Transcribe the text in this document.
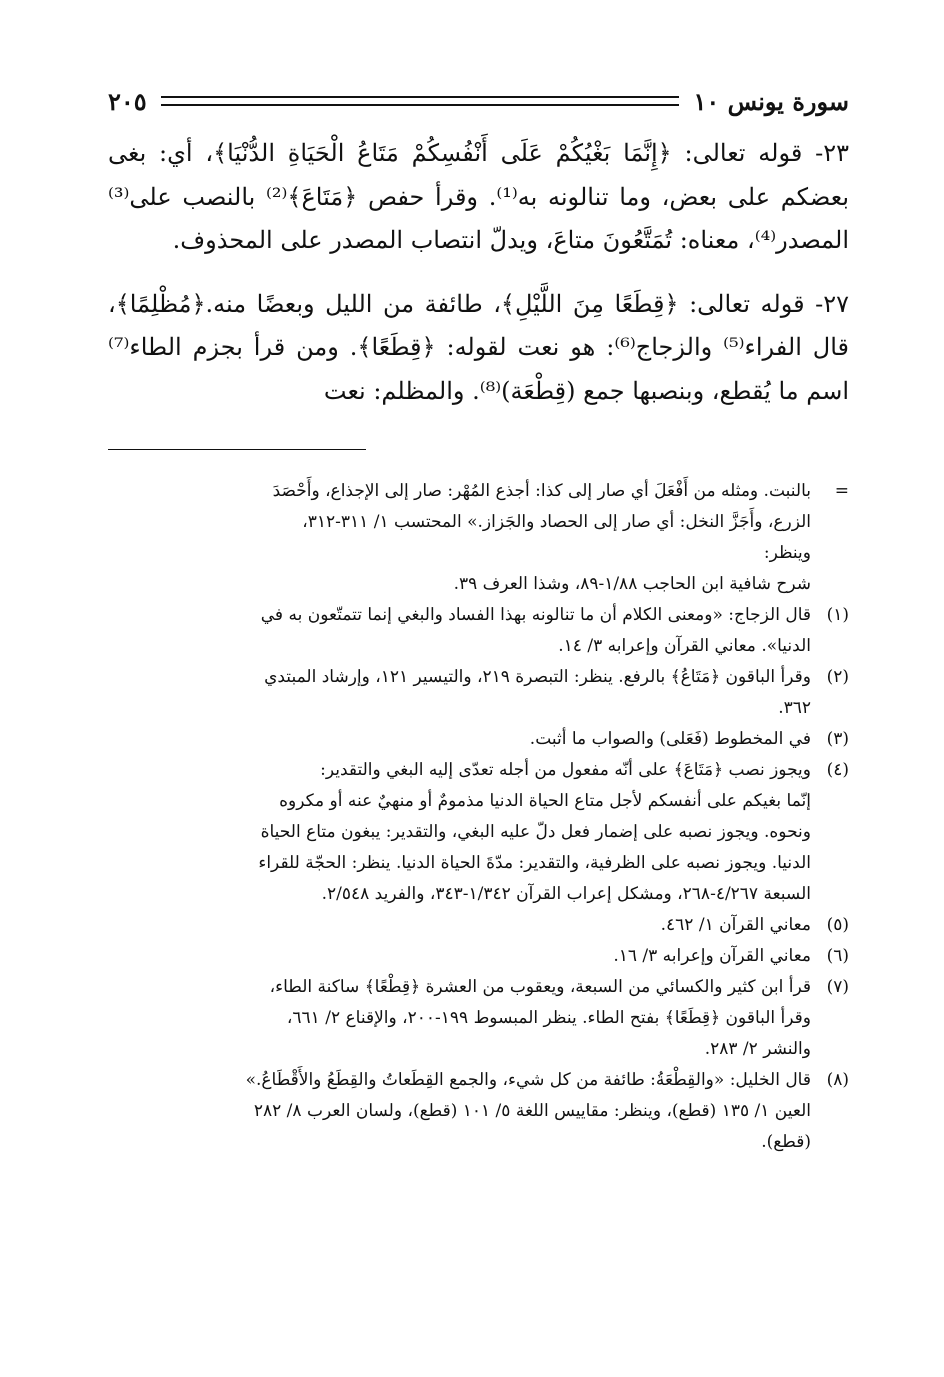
سورة يونس ١٠
٢٠٥

٢٣- قوله تعالى: ﴿إِنَّمَا بَغْيُكُمْ عَلَى أَنْفُسِكُمْ مَتَاعُ الْحَيَاةِ الدُّنْيَا﴾، أي: بغى بعضكم على بعض، وما تنالونه به⁽¹⁾. وقرأ حفص ﴿مَتَاعَ﴾⁽²⁾ بالنصب على⁽³⁾ المصدر⁽⁴⁾، معناه: تُمَتَّعُونَ متاعَ، ويدلّ انتصاب المصدر على المحذوف.

٢٧- قوله تعالى: ﴿قِطَعًا مِنَ اللَّيْلِ﴾، طائفة من الليل وبعضًا منه.﴿مُظْلِمًا﴾، قال الفراء⁽⁵⁾ والزجاج⁽⁶⁾: هو نعت لقوله: ﴿قِطَعًا﴾. ومن قرأ بجزم الطاء⁽⁷⁾ اسم ما يُقطع، وبنصبها جمع (قِطْعَة)⁽⁸⁾. والمظلم: نعت

=
بالنبت. ومثله من أَفْعَلَ أي صار إلى كذا: أجذع المُهْر: صار إلى الإجذاع، وأَحْصَدَ
الزرع، وأَجَزَّ النخل: أي صار إلى الحصاد والجَزاز.» المحتسب ١/ ٣١١-٣١٢،
وينظر:
شرح شافية ابن الحاجب ١/٨٨-٨٩، وشذا العرف ٣٩.
(١)
قال الزجاج: «ومعنى الكلام أن ما تنالونه بهذا الفساد والبغي إنما تتمتّعون به في
الدنيا». معاني القرآن وإعرابه ٣/ ١٤.
(٢)
وقرأ الباقون ﴿مَتَاعُ﴾ بالرفع. ينظر: التبصرة ٢١٩، والتيسير ١٢١، وإرشاد المبتدي
٣٦٢.
(٣)
في المخطوط (فَعَلى) والصواب ما أثبت.
(٤)
ويجوز نصب ﴿مَتَاعَ﴾ على أنّه مفعول من أجله تعدّى إليه البغي والتقدير:
إنّما بغيكم على أنفسكم لأجل متاع الحياة الدنيا مذمومٌ أو منهيٌ عنه أو مكروه
ونحوه. ويجوز نصبه على إضمار فعل دلّ عليه البغي، والتقدير: يبغون متاع الحياة
الدنيا. ويجوز نصبه على الظرفية، والتقدير: مدّةَ الحياة الدنيا. ينظر: الحجّة للقراء
السبعة ٤/٢٦٧-٢٦٨، ومشكل إعراب القرآن ١/٣٤٢-٣٤٣، والفريد ٢/٥٤٨.
(٥)
معاني القرآن ١/ ٤٦٢.
(٦)
معاني القرآن وإعرابه ٣/ ١٦.
(٧)
قرأ ابن كثير والكسائي من السبعة، ويعقوب من العشرة ﴿قِطْعًا﴾ ساكنة الطاء،
وقرأ الباقون ﴿قِطَعًا﴾ بفتح الطاء. ينظر المبسوط ١٩٩-٢٠٠، والإقناع ٢/ ٦٦١،
والنشر ٢/ ٢٨٣.
(٨)
قال الخليل: «والقِطْعَةُ: طائفة من كل شيء، والجمع القِطَعاتُ والقِطَعُ والأَقْطَاعُ.»
العين ١/ ١٣٥ (قطع)، وينظر: مقاييس اللغة ٥/ ١٠١ (قطع)، ولسان العرب ٨/ ٢٨٢
(قطع).
